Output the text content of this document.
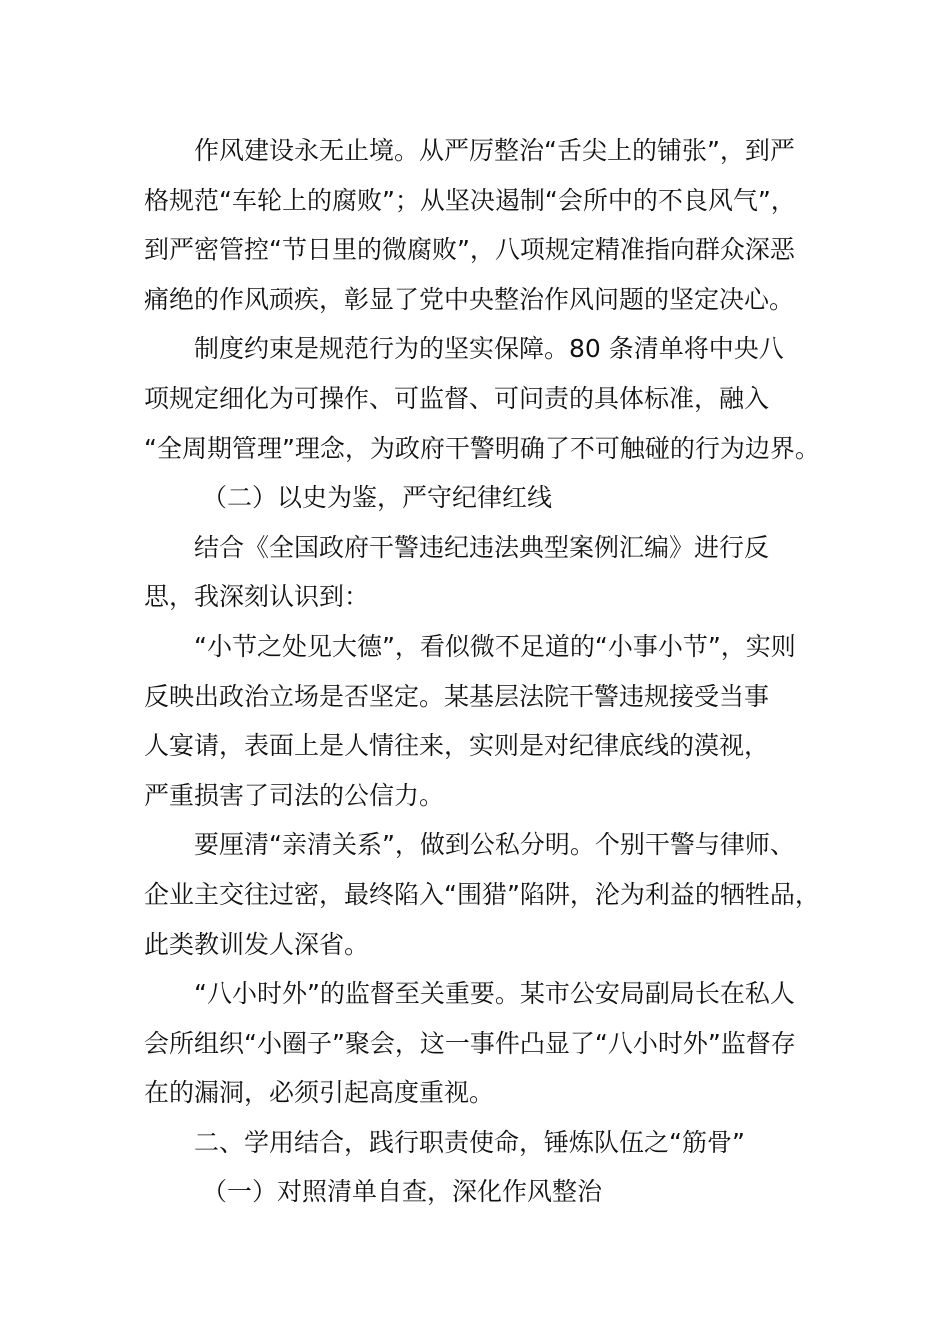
作风建设永无止境。从严厉整治“舌尖上的铺张”，到严
格规范“车轮上的腐败”；从坚决遏制“会所中的不良风气”，
到严密管控“节日里的微腐败”，八项规定精准指向群众深恶
痛绝的作风顽疾，彰显了党中央整治作风问题的坚定决心。

制度约束是规范行为的坚实保障。80 条清单将中央八
项规定细化为可操作、可监督、可问责的具体标准，融入
“全周期管理”理念，为政府干警明确了不可触碰的行为边界。

（二）以史为鉴，严守纪律红线

结合《全国政府干警违纪违法典型案例汇编》进行反
思，我深刻认识到：

“小节之处见大德”，看似微不足道的“小事小节”，实则
反映出政治立场是否坚定。某基层法院干警违规接受当事
人宴请，表面上是人情往来，实则是对纪律底线的漠视，
严重损害了司法的公信力。

要厘清“亲清关系”，做到公私分明。个别干警与律师、
企业主交往过密，最终陷入“围猎”陷阱，沦为利益的牺牲品，
此类教训发人深省。

“八小时外”的监督至关重要。某市公安局副局长在私人
会所组织“小圈子”聚会，这一事件凸显了“八小时外”监督存
在的漏洞，必须引起高度重视。

二、学用结合，践行职责使命，锤炼队伍之“筋骨”

（一）对照清单自查，深化作风整治
